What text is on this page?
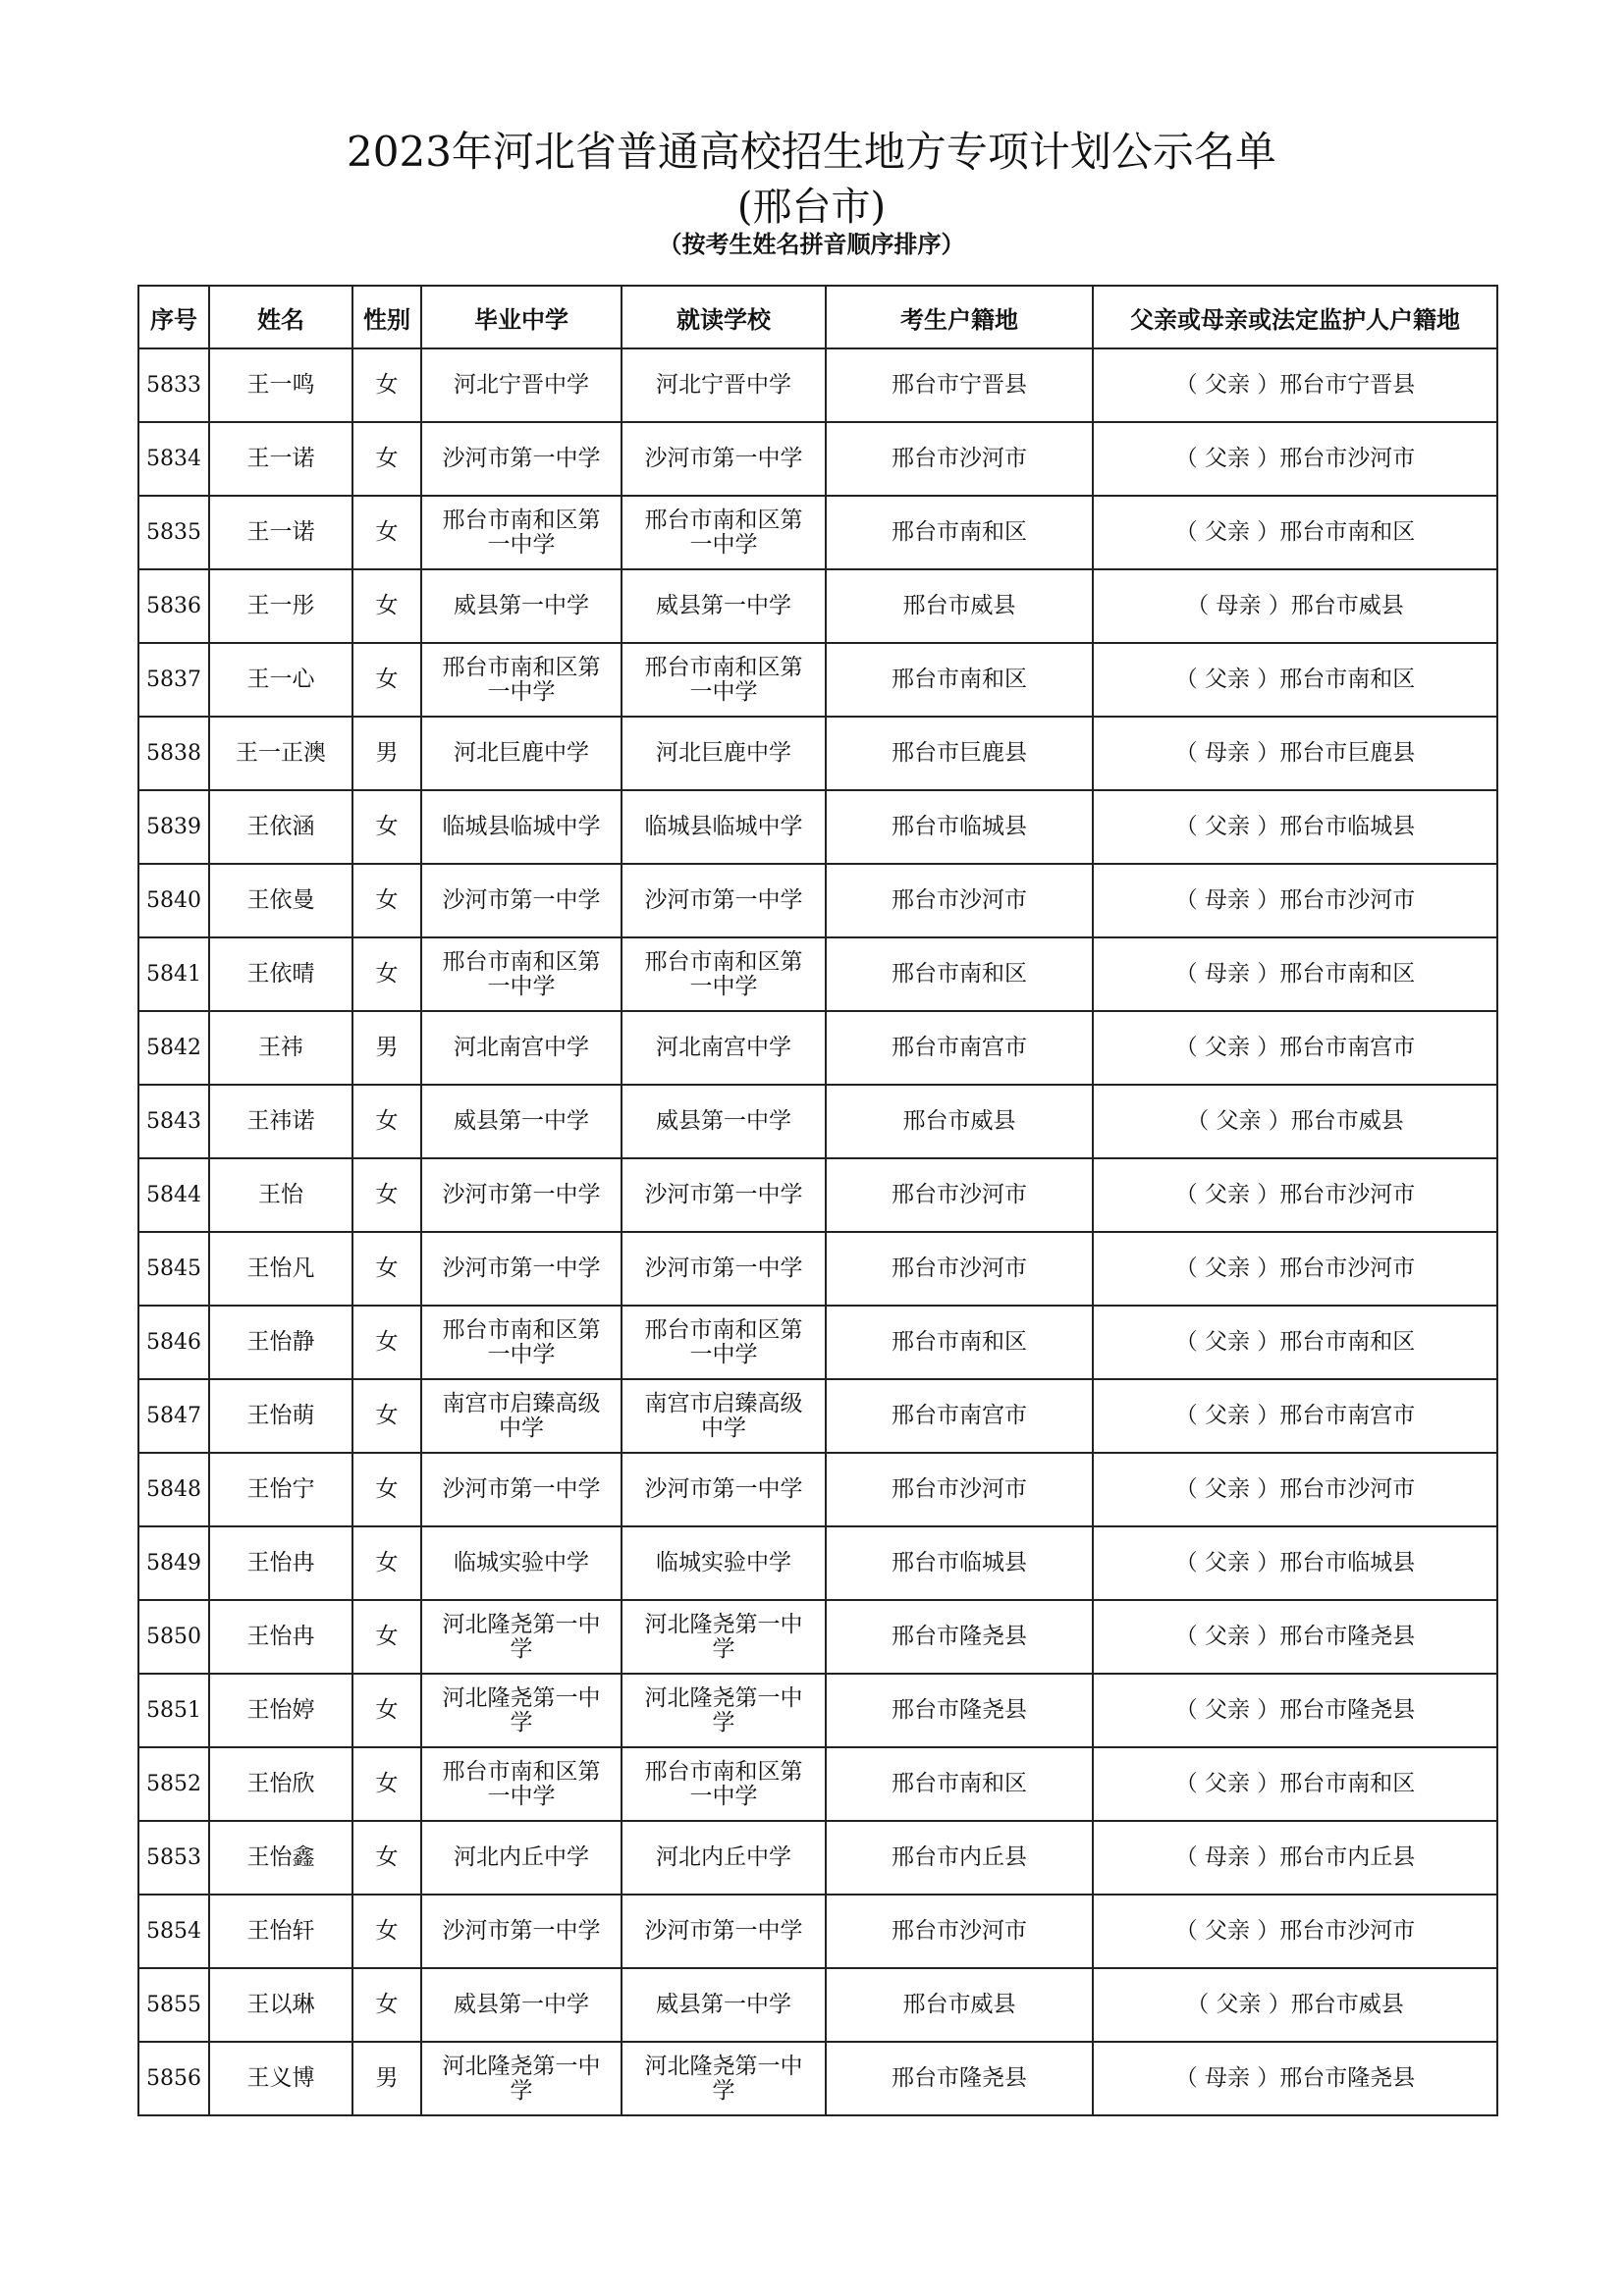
2023年河北省普通高校招生地方专项计划公示名单
(邢台市)
（按考生姓名拼音顺序排序）
序号	姓名	性别	毕业中学	就读学校	考生户籍地	父亲或母亲或法定监护人户籍地
5833	王一鸣	女	河北宁晋中学	河北宁晋中学	邢台市宁晋县	（ 父亲 ）邢台市宁晋县
5834	王一诺	女	沙河市第一中学	沙河市第一中学	邢台市沙河市	（ 父亲 ）邢台市沙河市
5835	王一诺	女	邢台市南和区第一中学	邢台市南和区第一中学	邢台市南和区	（ 父亲 ）邢台市南和区
5836	王一彤	女	威县第一中学	威县第一中学	邢台市威县	（ 母亲 ）邢台市威县
5837	王一心	女	邢台市南和区第一中学	邢台市南和区第一中学	邢台市南和区	（ 父亲 ）邢台市南和区
5838	王一正澳	男	河北巨鹿中学	河北巨鹿中学	邢台市巨鹿县	（ 母亲 ）邢台市巨鹿县
5839	王依涵	女	临城县临城中学	临城县临城中学	邢台市临城县	（ 父亲 ）邢台市临城县
5840	王依曼	女	沙河市第一中学	沙河市第一中学	邢台市沙河市	（ 母亲 ）邢台市沙河市
5841	王依晴	女	邢台市南和区第一中学	邢台市南和区第一中学	邢台市南和区	（ 母亲 ）邢台市南和区
5842	王祎	男	河北南宫中学	河北南宫中学	邢台市南宫市	（ 父亲 ）邢台市南宫市
5843	王祎诺	女	威县第一中学	威县第一中学	邢台市威县	（ 父亲 ）邢台市威县
5844	王怡	女	沙河市第一中学	沙河市第一中学	邢台市沙河市	（ 父亲 ）邢台市沙河市
5845	王怡凡	女	沙河市第一中学	沙河市第一中学	邢台市沙河市	（ 父亲 ）邢台市沙河市
5846	王怡静	女	邢台市南和区第一中学	邢台市南和区第一中学	邢台市南和区	（ 父亲 ）邢台市南和区
5847	王怡萌	女	南宫市启臻高级中学	南宫市启臻高级中学	邢台市南宫市	（ 父亲 ）邢台市南宫市
5848	王怡宁	女	沙河市第一中学	沙河市第一中学	邢台市沙河市	（ 父亲 ）邢台市沙河市
5849	王怡冉	女	临城实验中学	临城实验中学	邢台市临城县	（ 父亲 ）邢台市临城县
5850	王怡冉	女	河北隆尧第一中学	河北隆尧第一中学	邢台市隆尧县	（ 父亲 ）邢台市隆尧县
5851	王怡婷	女	河北隆尧第一中学	河北隆尧第一中学	邢台市隆尧县	（ 父亲 ）邢台市隆尧县
5852	王怡欣	女	邢台市南和区第一中学	邢台市南和区第一中学	邢台市南和区	（ 父亲 ）邢台市南和区
5853	王怡鑫	女	河北内丘中学	河北内丘中学	邢台市内丘县	（ 母亲 ）邢台市内丘县
5854	王怡轩	女	沙河市第一中学	沙河市第一中学	邢台市沙河市	（ 父亲 ）邢台市沙河市
5855	王以琳	女	威县第一中学	威县第一中学	邢台市威县	（ 父亲 ）邢台市威县
5856	王义博	男	河北隆尧第一中学	河北隆尧第一中学	邢台市隆尧县	（ 母亲 ）邢台市隆尧县
